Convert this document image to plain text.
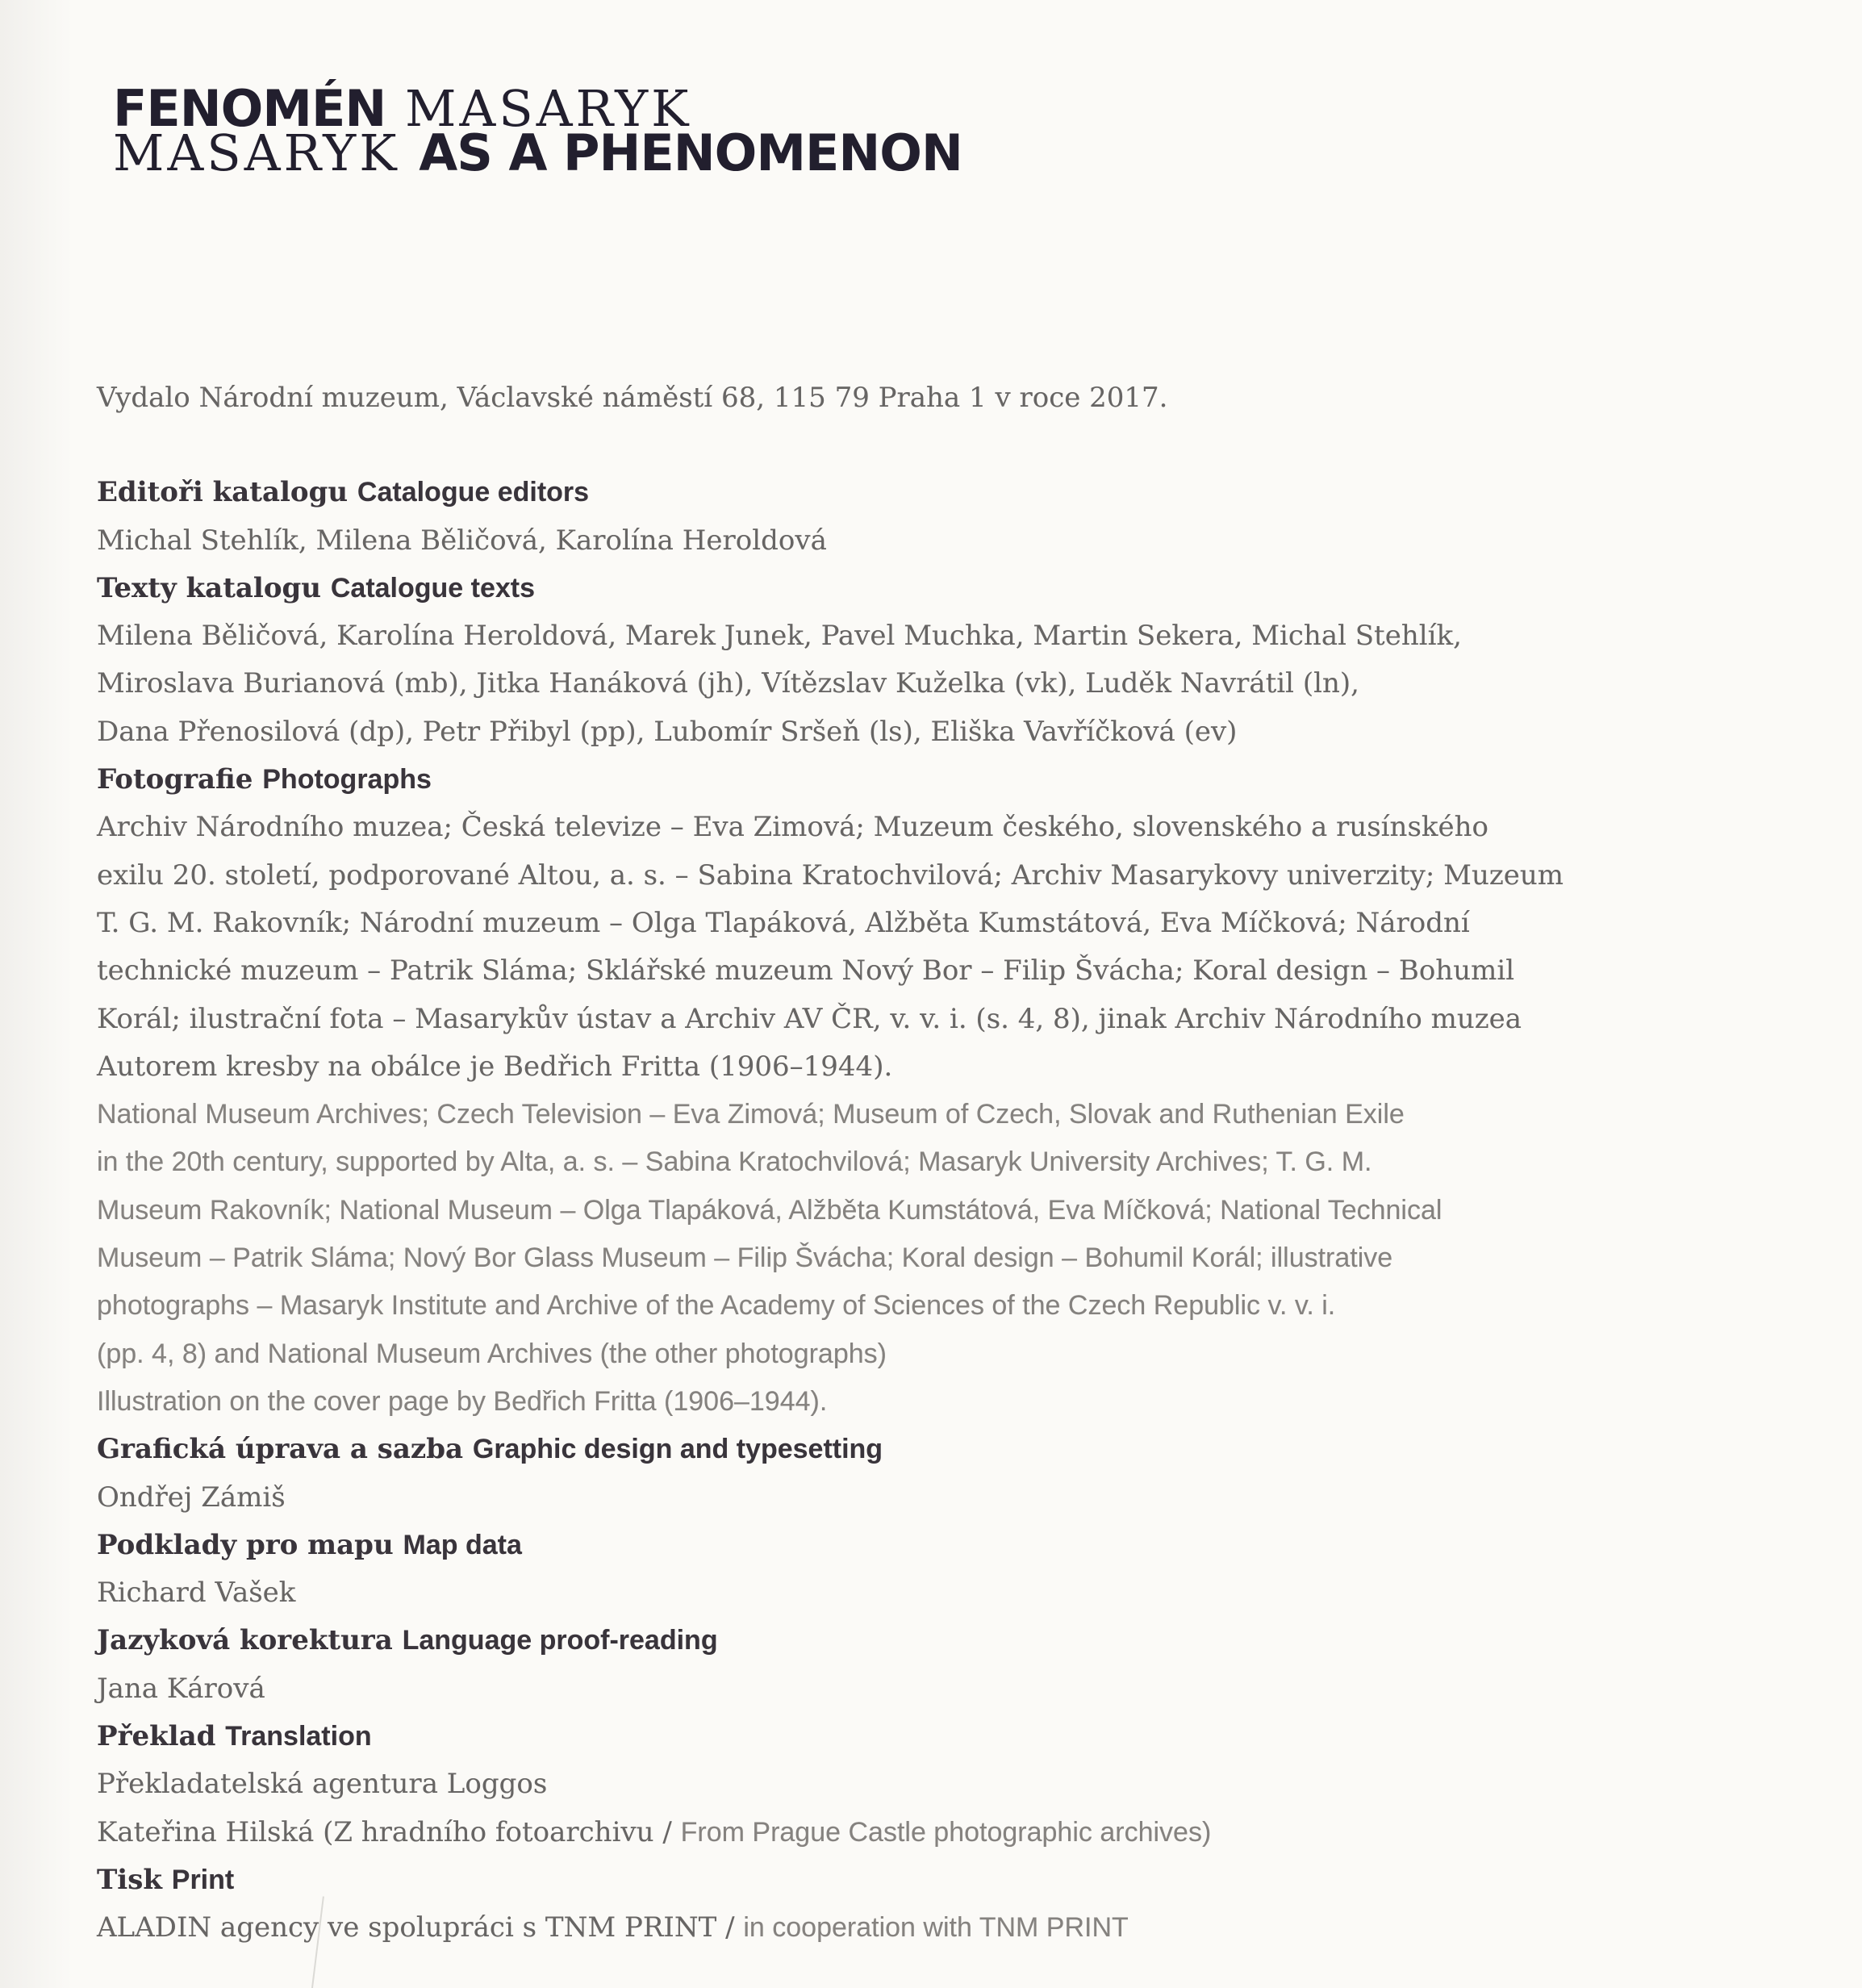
FENOMÉN MASARYK
MASARYK AS A PHENOMENON
Vydalo Národní muzeum, Václavské náměstí 68, 115 79 Praha 1 v roce 2017.
Editoři katalogu Catalogue editors
Michal Stehlík, Milena Běličová, Karolína Heroldová
Texty katalogu Catalogue texts
Milena Běličová, Karolína Heroldová, Marek Junek, Pavel Muchka, Martin Sekera, Michal Stehlík,
Miroslava Burianová (mb), Jitka Hanáková (jh), Vítězslav Kuželka (vk), Luděk Navrátil (ln),
Dana Přenosilová (dp), Petr Přibyl (pp), Lubomír Sršeň (ls), Eliška Vavříčková (ev)
Fotografie Photographs
Archiv Národního muzea; Česká televize – Eva Zimová; Muzeum českého, slovenského a rusínského
exilu 20. století, podporované Altou, a. s. – Sabina Kratochvilová; Archiv Masarykovy univerzity; Muzeum
T. G. M. Rakovník; Národní muzeum – Olga Tlapáková, Alžběta Kumstátová, Eva Míčková; Národní
technické muzeum – Patrik Sláma; Sklářské muzeum Nový Bor – Filip Švácha; Koral design – Bohumil
Korál; ilustrační fota – Masarykův ústav a Archiv AV ČR, v. v. i. (s. 4, 8), jinak Archiv Národního muzea
Autorem kresby na obálce je Bedřich Fritta (1906–1944).
National Museum Archives; Czech Television – Eva Zimová; Museum of Czech, Slovak and Ruthenian Exile
in the 20th century, supported by Alta, a. s. – Sabina Kratochvilová; Masaryk University Archives; T. G. M.
Museum Rakovník; National Museum – Olga Tlapáková, Alžběta Kumstátová, Eva Míčková; National Technical
Museum – Patrik Sláma; Nový Bor Glass Museum – Filip Švácha; Koral design – Bohumil Korál; illustrative
photographs – Masaryk Institute and Archive of the Academy of Sciences of the Czech Republic v. v. i.
(pp. 4, 8) and National Museum Archives (the other photographs)
Illustration on the cover page by Bedřich Fritta (1906–1944).
Grafická úprava a sazba Graphic design and typesetting
Ondřej Zámiš
Podklady pro mapu Map data
Richard Vašek
Jazyková korektura Language proof-reading
Jana Kárová
Překlad Translation
Překladatelská agentura Loggos
Kateřina Hilská (Z hradního fotoarchivu / From Prague Castle photographic archives)
Tisk Print
ALADIN agency ve spolupráci s TNM PRINT / in cooperation with TNM PRINT
